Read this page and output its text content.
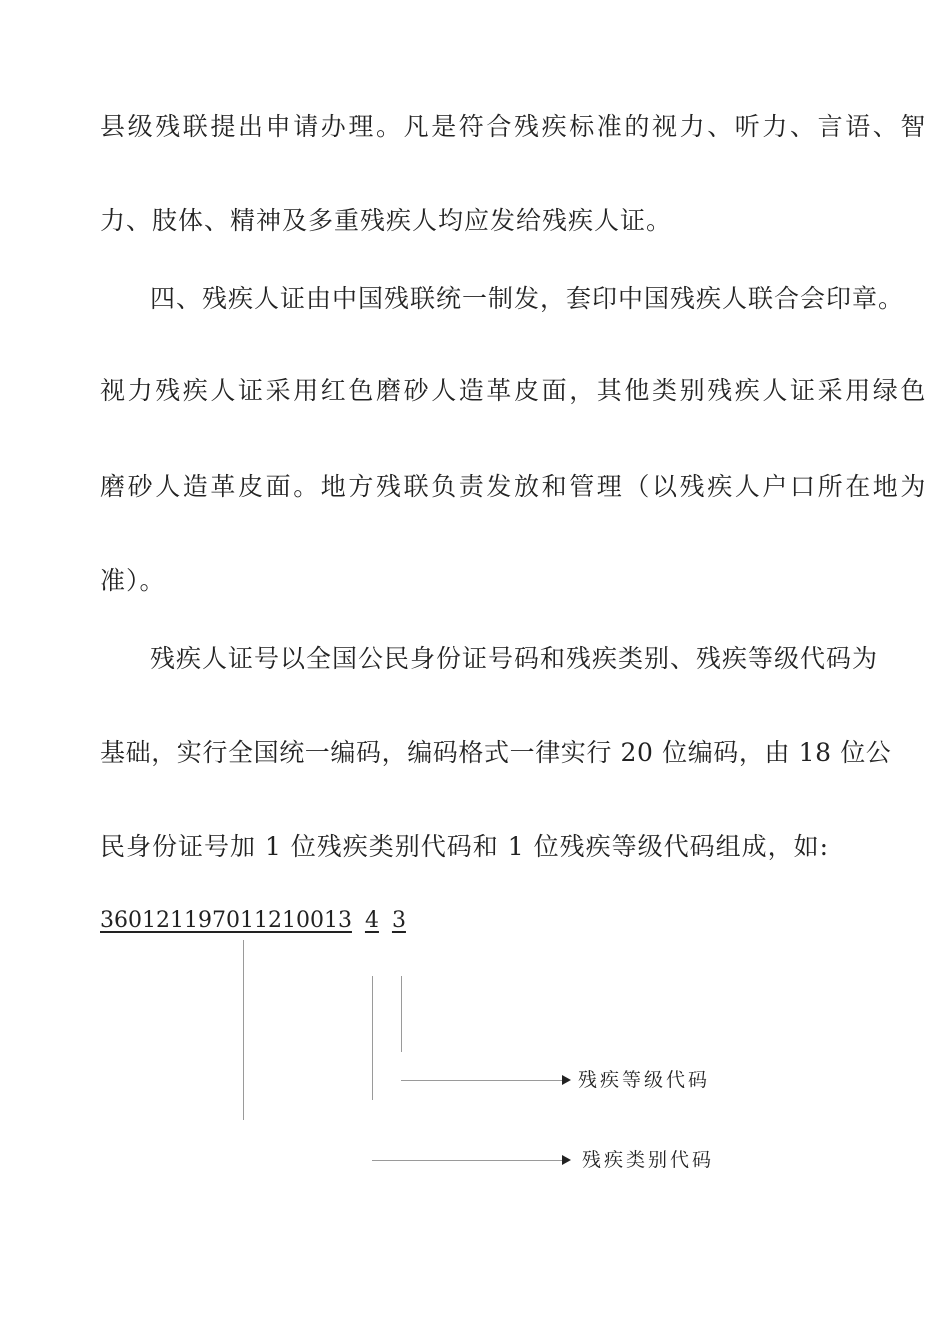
县级残联提出申请办理。凡是符合残疾标准的视力、听力、言语、智
力、肢体、精神及多重残疾人均应发给残疾人证。
四、残疾人证由中国残联统一制发，套印中国残疾人联合会印章。
视力残疾人证采用红色磨砂人造革皮面，其他类别残疾人证采用绿色
磨砂人造革皮面。地方残联负责发放和管理（以残疾人户口所在地为
准）。
残疾人证号以全国公民身份证号码和残疾类别、残疾等级代码为
基础，实行全国统一编码，编码格式一律实行 20 位编码，由 18 位公
民身份证号加 1 位残疾类别代码和 1 位残疾等级代码组成，如:
360121197011210013 4 3
残疾等级代码
残疾类别代码
